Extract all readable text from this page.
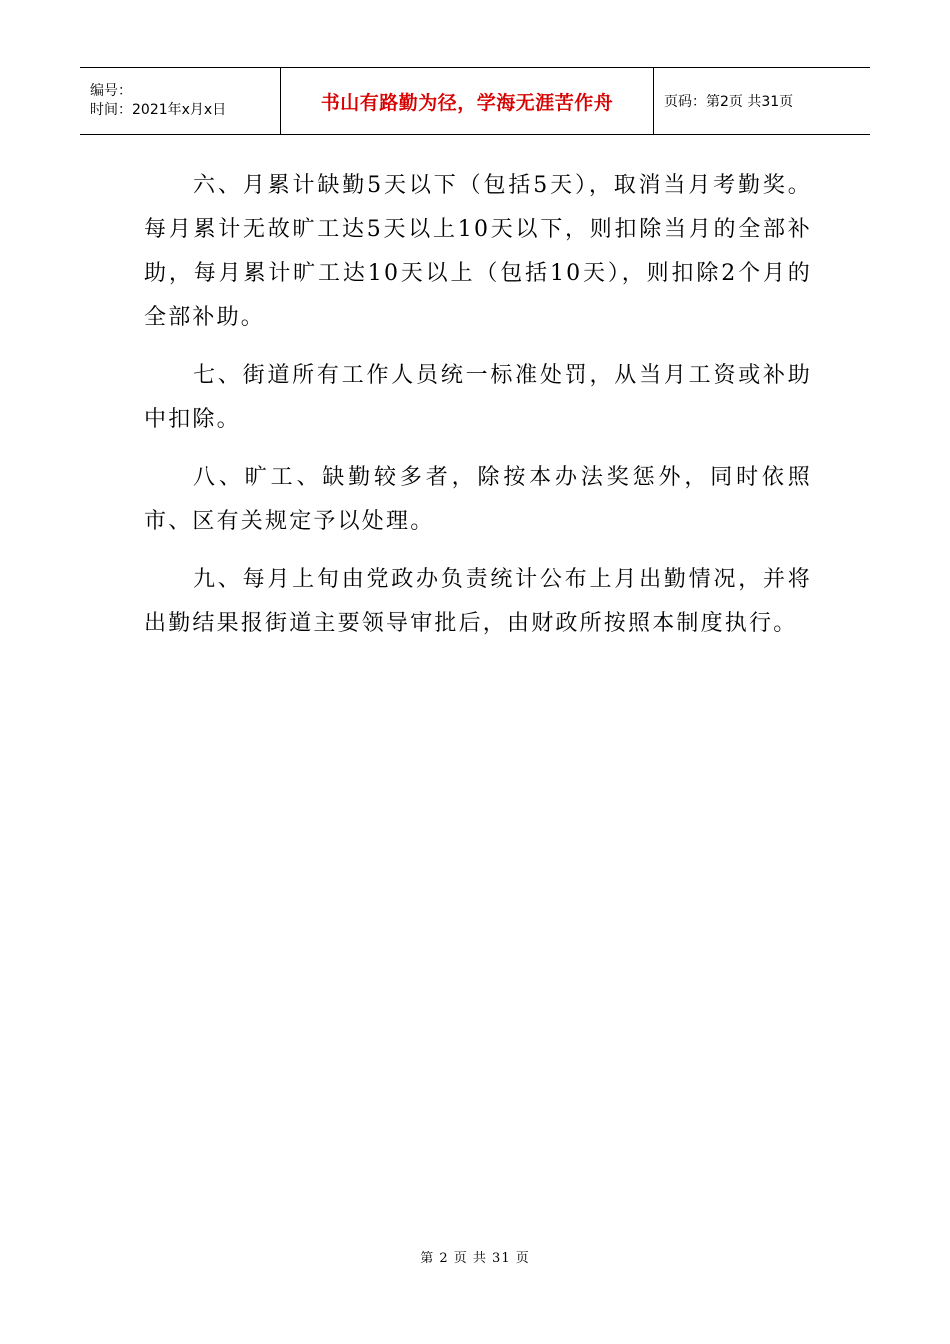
编号：
时间：2021年x月x日	书山有路勤为径，学海无涯苦作舟	页码：第2页 共31页

六、月累计缺勤5天以下（包括5天），取消当月考勤奖。每月累计无故旷工达5天以上10天以下，则扣除当月的全部补助，每月累计旷工达10天以上（包括10天），则扣除2个月的全部补助。

七、街道所有工作人员统一标准处罚，从当月工资或补助中扣除。

八、旷工、缺勤较多者，除按本办法奖惩外，同时依照市、区有关规定予以处理。

九、每月上旬由党政办负责统计公布上月出勤情况，并将出勤结果报街道主要领导审批后，由财政所按照本制度执行。

第 2 页 共 31 页
